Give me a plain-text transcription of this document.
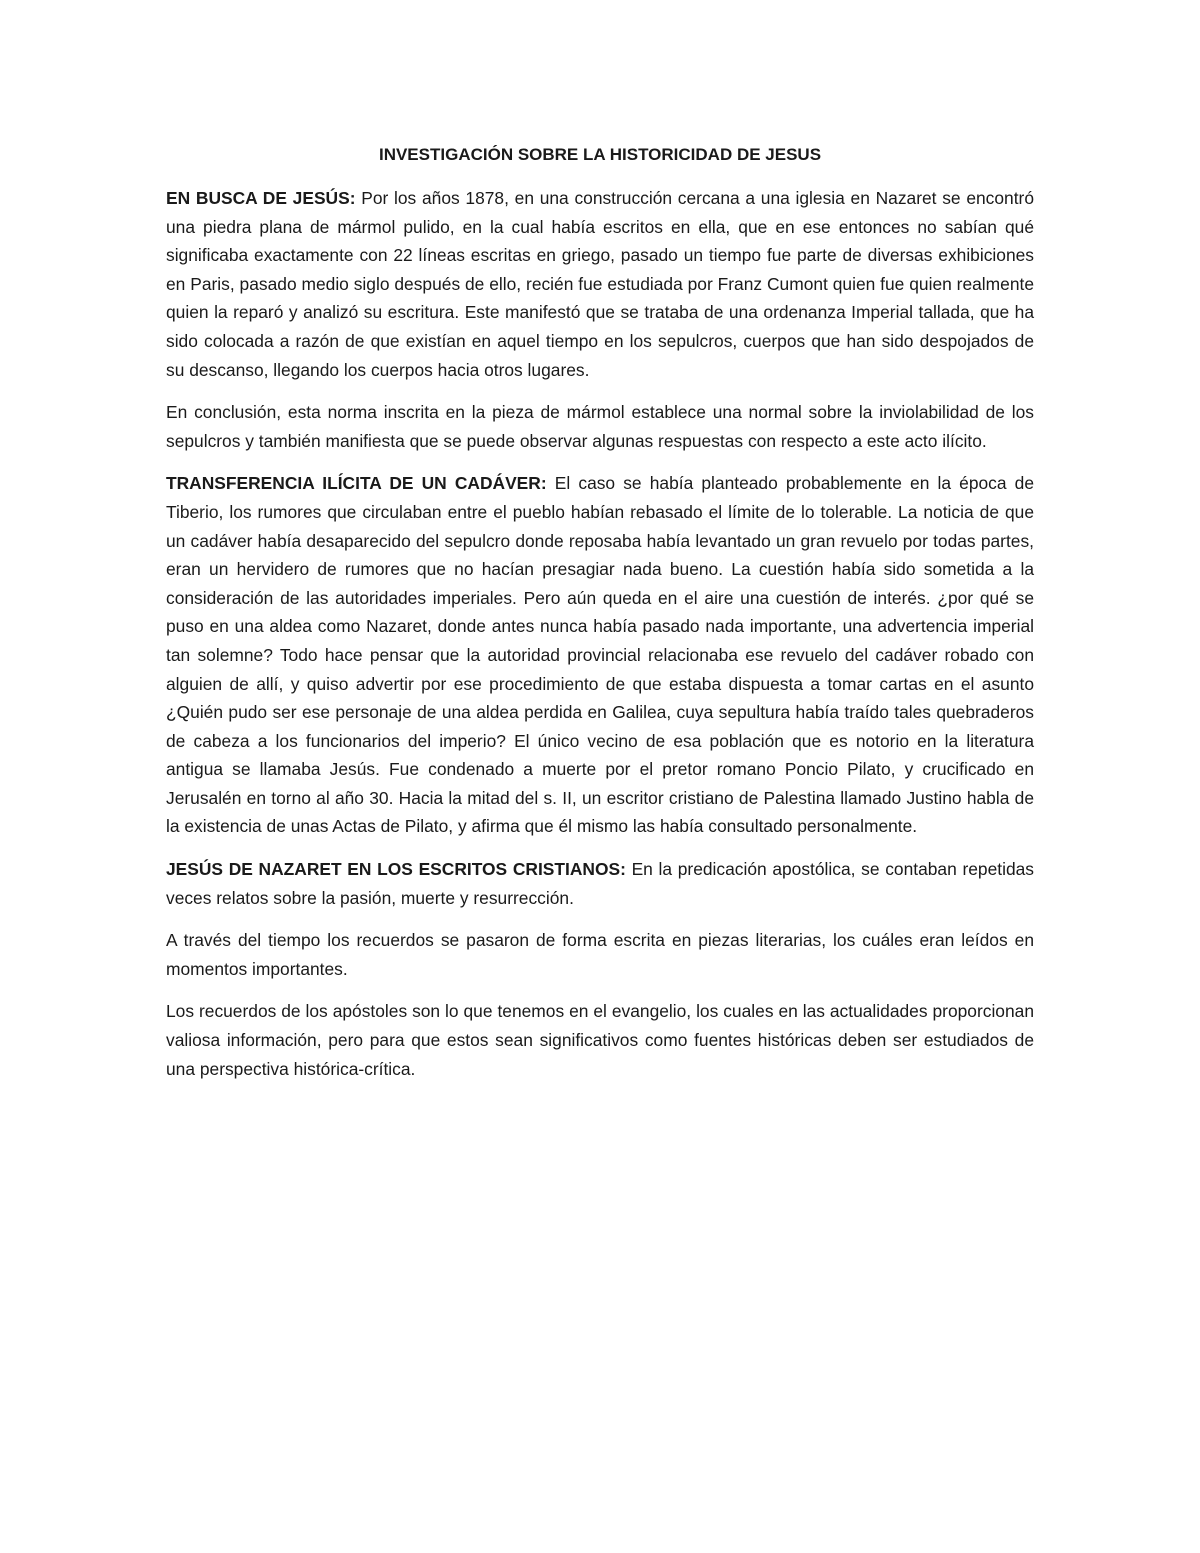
INVESTIGACIÓN SOBRE LA HISTORICIDAD DE JESUS

EN BUSCA DE JESÚS: Por los años 1878, en una construcción cercana a una iglesia en Nazaret se encontró una piedra plana de mármol pulido, en la cual había escritos en ella, que en ese entonces no sabían qué significaba exactamente con 22 líneas escritas en griego, pasado un tiempo fue parte de diversas exhibiciones en Paris, pasado medio siglo después de ello, recién fue estudiada por Franz Cumont quien fue quien realmente quien la reparó y analizó su escritura. Este manifestó que se trataba de una ordenanza Imperial tallada, que ha sido colocada a razón de que existían en aquel tiempo en los sepulcros, cuerpos que han sido despojados de su descanso, llegando los cuerpos hacia otros lugares.

En conclusión, esta norma inscrita en la pieza de mármol establece una normal sobre la inviolabilidad de los sepulcros y también manifiesta que se puede observar algunas respuestas con respecto a este acto ilícito.

TRANSFERENCIA ILÍCITA DE UN CADÁVER: El caso se había planteado probablemente en la época de Tiberio, los rumores que circulaban entre el pueblo habían rebasado el límite de lo tolerable. La noticia de que un cadáver había desaparecido del sepulcro donde reposaba había levantado un gran revuelo por todas partes, eran un hervidero de rumores que no hacían presagiar nada bueno. La cuestión había sido sometida a la consideración de las autoridades imperiales. Pero aún queda en el aire una cuestión de interés. ¿por qué se puso en una aldea como Nazaret, donde antes nunca había pasado nada importante, una advertencia imperial tan solemne? Todo hace pensar que la autoridad provincial relacionaba ese revuelo del cadáver robado con alguien de allí, y quiso advertir por ese procedimiento de que estaba dispuesta a tomar cartas en el asunto ¿Quién pudo ser ese personaje de una aldea perdida en Galilea, cuya sepultura había traído tales quebraderos de cabeza a los funcionarios del imperio? El único vecino de esa población que es notorio en la literatura antigua se llamaba Jesús. Fue condenado a muerte por el pretor romano Poncio Pilato, y crucificado en Jerusalén en torno al año 30. Hacia la mitad del s. II, un escritor cristiano de Palestina llamado Justino habla de la existencia de unas Actas de Pilato, y afirma que él mismo las había consultado personalmente.

JESÚS DE NAZARET EN LOS ESCRITOS CRISTIANOS: En la predicación apostólica, se contaban repetidas veces relatos sobre la pasión, muerte y resurrección.

A través del tiempo los recuerdos se pasaron de forma escrita en piezas literarias, los cuáles eran leídos en momentos importantes.

Los recuerdos de los apóstoles son lo que tenemos en el evangelio, los cuales en las actualidades proporcionan valiosa información, pero para que estos sean significativos como fuentes históricas deben ser estudiados de una perspectiva histórica-crítica.
